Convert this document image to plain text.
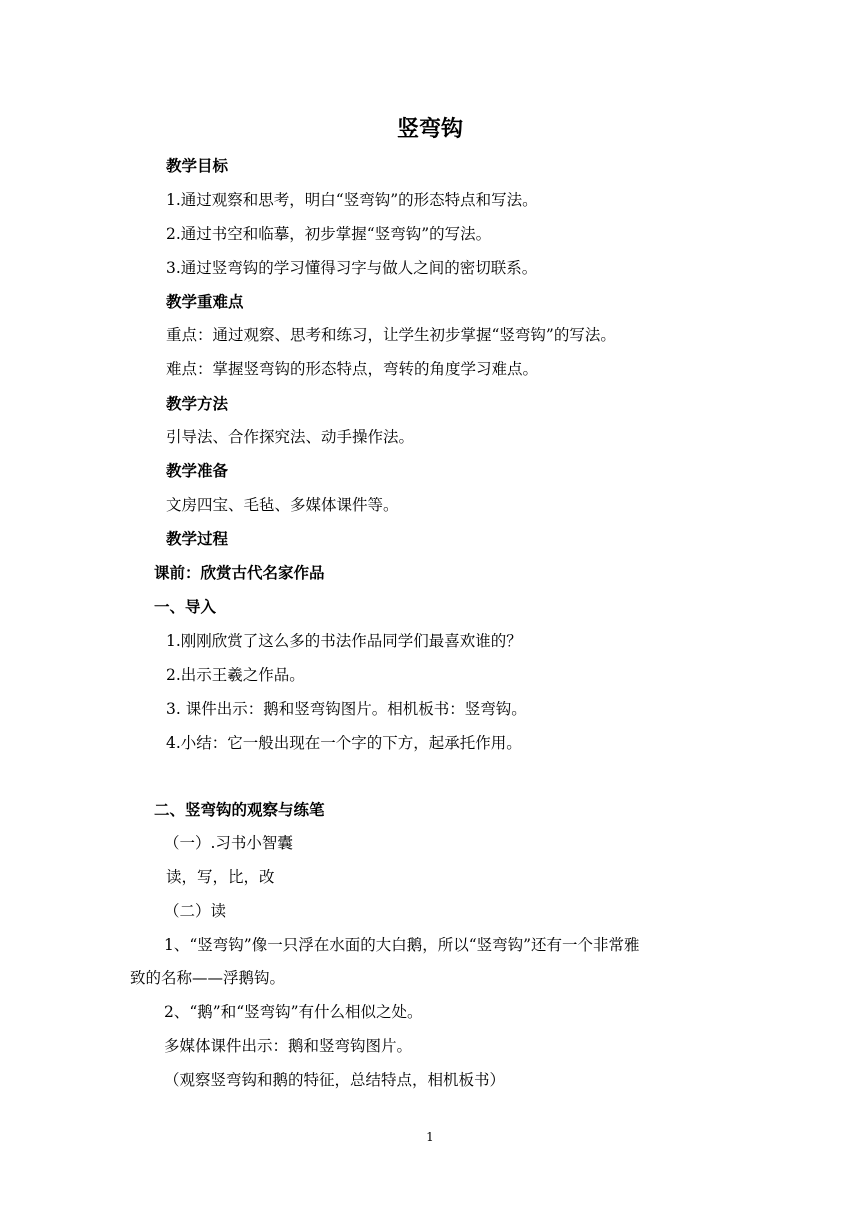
竖弯钩
教学目标
1.通过观察和思考，明白“竖弯钩”的形态特点和写法。
2.通过书空和临摹，初步掌握“竖弯钩”的写法。
3.通过竖弯钩的学习懂得习字与做人之间的密切联系。
教学重难点
重点：通过观察、思考和练习，让学生初步掌握“竖弯钩”的写法。
难点：掌握竖弯钩的形态特点，弯转的角度学习难点。
教学方法
引导法、合作探究法、动手操作法。
教学准备
文房四宝、毛毡、多媒体课件等。
教学过程
课前：欣赏古代名家作品
一、导入
1.刚刚欣赏了这么多的书法作品同学们最喜欢谁的？
2.出示王羲之作品。
3. 课件出示：鹅和竖弯钩图片。相机板书：竖弯钩。
4.小结：它一般出现在一个字的下方，起承托作用。
二、竖弯钩的观察与练笔
（一）.习书小智囊
读，写，比，改
（二）读
1、“竖弯钩”像一只浮在水面的大白鹅，所以“竖弯钩”还有一个非常雅
致的名称——浮鹅钩。
2、“鹅”和“竖弯钩”有什么相似之处。
多媒体课件出示：鹅和竖弯钩图片。
（观察竖弯钩和鹅的特征，总结特点，相机板书）
1
